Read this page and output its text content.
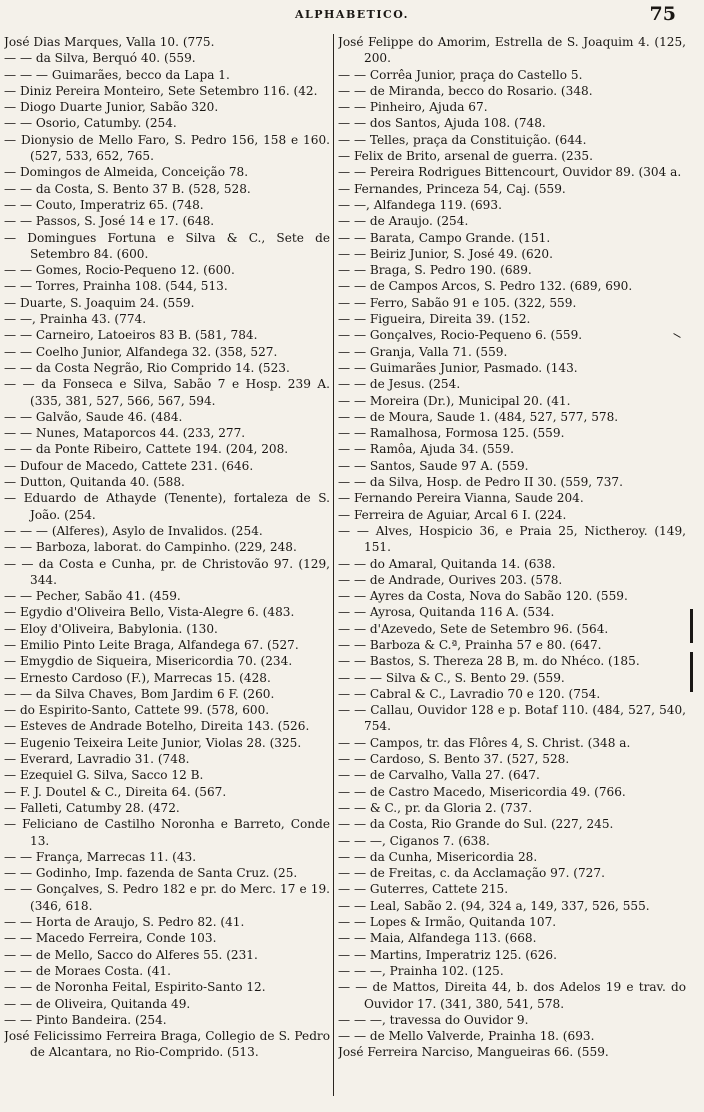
ALPHABETICO.	75
José Dias Marques, Valla 10. (775.
— — da Silva, Berquó 40. (559.
— — — Guimarães, becco da Lapa 1.
— Diniz Pereira Monteiro, Sete Setembro 116. (42.
— Diogo Duarte Junior, Sabão 320.
— — Osorio, Catumby. (254.
— Dionysio de Mello Faro, S. Pedro 156, 158 e 160. (527, 533, 652, 765.
— Domingos de Almeida, Conceição 78.
— — da Costa, S. Bento 37 B. (528, 528.
— — Couto, Imperatriz 65. (748.
— — Passos, S. José 14 e 17. (648.
— Domingues Fortuna e Silva & C., Sete de Setembro 84. (600.
— — Gomes, Rocio-Pequeno 12. (600.
— — Torres, Prainha 108. (544, 513.
— Duarte, S. Joaquim 24. (559.
— —, Prainha 43. (774.
— — Carneiro, Latoeiros 83 B. (581, 784.
— — Coelho Junior, Alfandega 32. (358, 527.
— — da Costa Negrão, Rio Comprido 14. (523.
— — da Fonseca e Silva, Sabão 7 e Hosp. 239 A. (335, 381, 527, 566, 567, 594.
— — Galvão, Saude 46. (484.
— — Nunes, Mataporcos 44. (233, 277.
— — da Ponte Ribeiro, Cattete 194. (204, 208.
— Dufour de Macedo, Cattete 231. (646.
— Dutton, Quitanda 40. (588.
— Eduardo de Athayde (Tenente), fortaleza de S. João. (254.
— — — (Alferes), Asylo de Invalidos. (254.
— — Barboza, laborat. do Campinho. (229, 248.
— — da Costa e Cunha, pr. de Christovão 97. (129, 344.
— — Pecher, Sabão 41. (459.
— Egydio d'Oliveira Bello, Vista-Alegre 6. (483.
— Eloy d'Oliveira, Babylonia. (130.
— Emilio Pinto Leite Braga, Alfandega 67. (527.
— Emygdio de Siqueira, Misericordia 70. (234.
— Ernesto Cardoso (F.), Marrecas 15. (428.
— — da Silva Chaves, Bom Jardim 6 F. (260.
— do Espirito-Santo, Cattete 99. (578, 600.
— Esteves de Andrade Botelho, Direita 143. (526.
— Eugenio Teixeira Leite Junior, Violas 28. (325.
— Everard, Lavradio 31. (748.
— Ezequiel G. Silva, Sacco 12 B.
— F. J. Doutel & C., Direita 64. (567.
— Falleti, Catumby 28. (472.
— Feliciano de Castilho Noronha e Barreto, Conde 13.
— — França, Marrecas 11. (43.
— — Godinho, Imp. fazenda de Santa Cruz. (25.
— — Gonçalves, S. Pedro 182 e pr. do Merc. 17 e 19. (346, 618.
— — Horta de Araujo, S. Pedro 82. (41.
— — Macedo Ferreira, Conde 103.
— — de Mello, Sacco do Alferes 55. (231.
— — de Moraes Costa. (41.
— — de Noronha Feital, Espirito-Santo 12.
— — de Oliveira, Quitanda 49.
— — Pinto Bandeira. (254.
José Felicissimo Ferreira Braga, Collegio de S. Pedro de Alcantara, no Rio-Comprido. (513.
José Felippe do Amorim, Estrella de S. Joaquim 4. (125, 200.
— — Corrêa Junior, praça do Castello 5.
— — de Miranda, becco do Rosario. (348.
— — Pinheiro, Ajuda 67.
— — dos Santos, Ajuda 108. (748.
— — Telles, praça da Constituição. (644.
— Felix de Brito, arsenal de guerra. (235.
— — Pereira Rodrigues Bittencourt, Ouvidor 89. (304 a.
— Fernandes, Princeza 54, Caj. (559.
— —, Alfandega 119. (693.
— — de Araujo. (254.
— — Barata, Campo Grande. (151.
— — Beiriz Junior, S. José 49. (620.
— — Braga, S. Pedro 190. (689.
— — de Campos Arcos, S. Pedro 132. (689, 690.
— — Ferro, Sabão 91 e 105. (322, 559.
— — Figueira, Direita 39. (152.
— — Gonçalves, Rocio-Pequeno 6. (559.
— — Granja, Valla 71. (559.
— — Guimarães Junior, Pasmado. (143.
— — de Jesus. (254.
— — Moreira (Dr.), Municipal 20. (41.
— — de Moura, Saude 1. (484, 527, 577, 578.
— — Ramalhosa, Formosa 125. (559.
— — Ramôa, Ajuda 34. (559.
— — Santos, Saude 97 A. (559.
— — da Silva, Hosp. de Pedro II 30. (559, 737.
— Fernando Pereira Vianna, Saude 204.
— Ferreira de Aguiar, Arcal 6 I. (224.
— — Alves, Hospicio 36, e Praia 25, Nictheroy. (149, 151.
— — do Amaral, Quitanda 14. (638.
— — de Andrade, Ourives 203. (578.
— — Ayres da Costa, Nova do Sabão 120. (559.
— — Ayrosa, Quitanda 116 A. (534.
— — d'Azevedo, Sete de Setembro 96. (564.
— — Barboza & C.ª, Prainha 57 e 80. (647.
— — Bastos, S. Thereza 28 B, m. do Nhéco. (185.
— — — Silva & C., S. Bento 29. (559.
— — Cabral & C., Lavradio 70 e 120. (754.
— — Callau, Ouvidor 128 e p. Botaf 110. (484, 527, 540, 754.
— — Campos, tr. das Flôres 4, S. Christ. (348 a.
— — Cardoso, S. Bento 37. (527, 528.
— — de Carvalho, Valla 27. (647.
— — de Castro Macedo, Misericordia 49. (766.
— — & C., pr. da Gloria 2. (737.
— — da Costa, Rio Grande do Sul. (227, 245.
— — —, Ciganos 7. (638.
— — da Cunha, Misericordia 28.
— — de Freitas, c. da Acclamação 97. (727.
— — Guterres, Cattete 215.
— — Leal, Sabão 2. (94, 324 a, 149, 337, 526, 555.
— — Lopes & Irmão, Quitanda 107.
— — Maia, Alfandega 113. (668.
— — Martins, Imperatriz 125. (626.
— — —, Prainha 102. (125.
— — de Mattos, Direita 44, b. dos Adelos 19 e trav. do Ouvidor 17. (341, 380, 541, 578.
— — —, travessa do Ouvidor 9.
— — de Mello Valverde, Prainha 18. (693.
José Ferreira Narciso, Mangueiras 66. (559.
